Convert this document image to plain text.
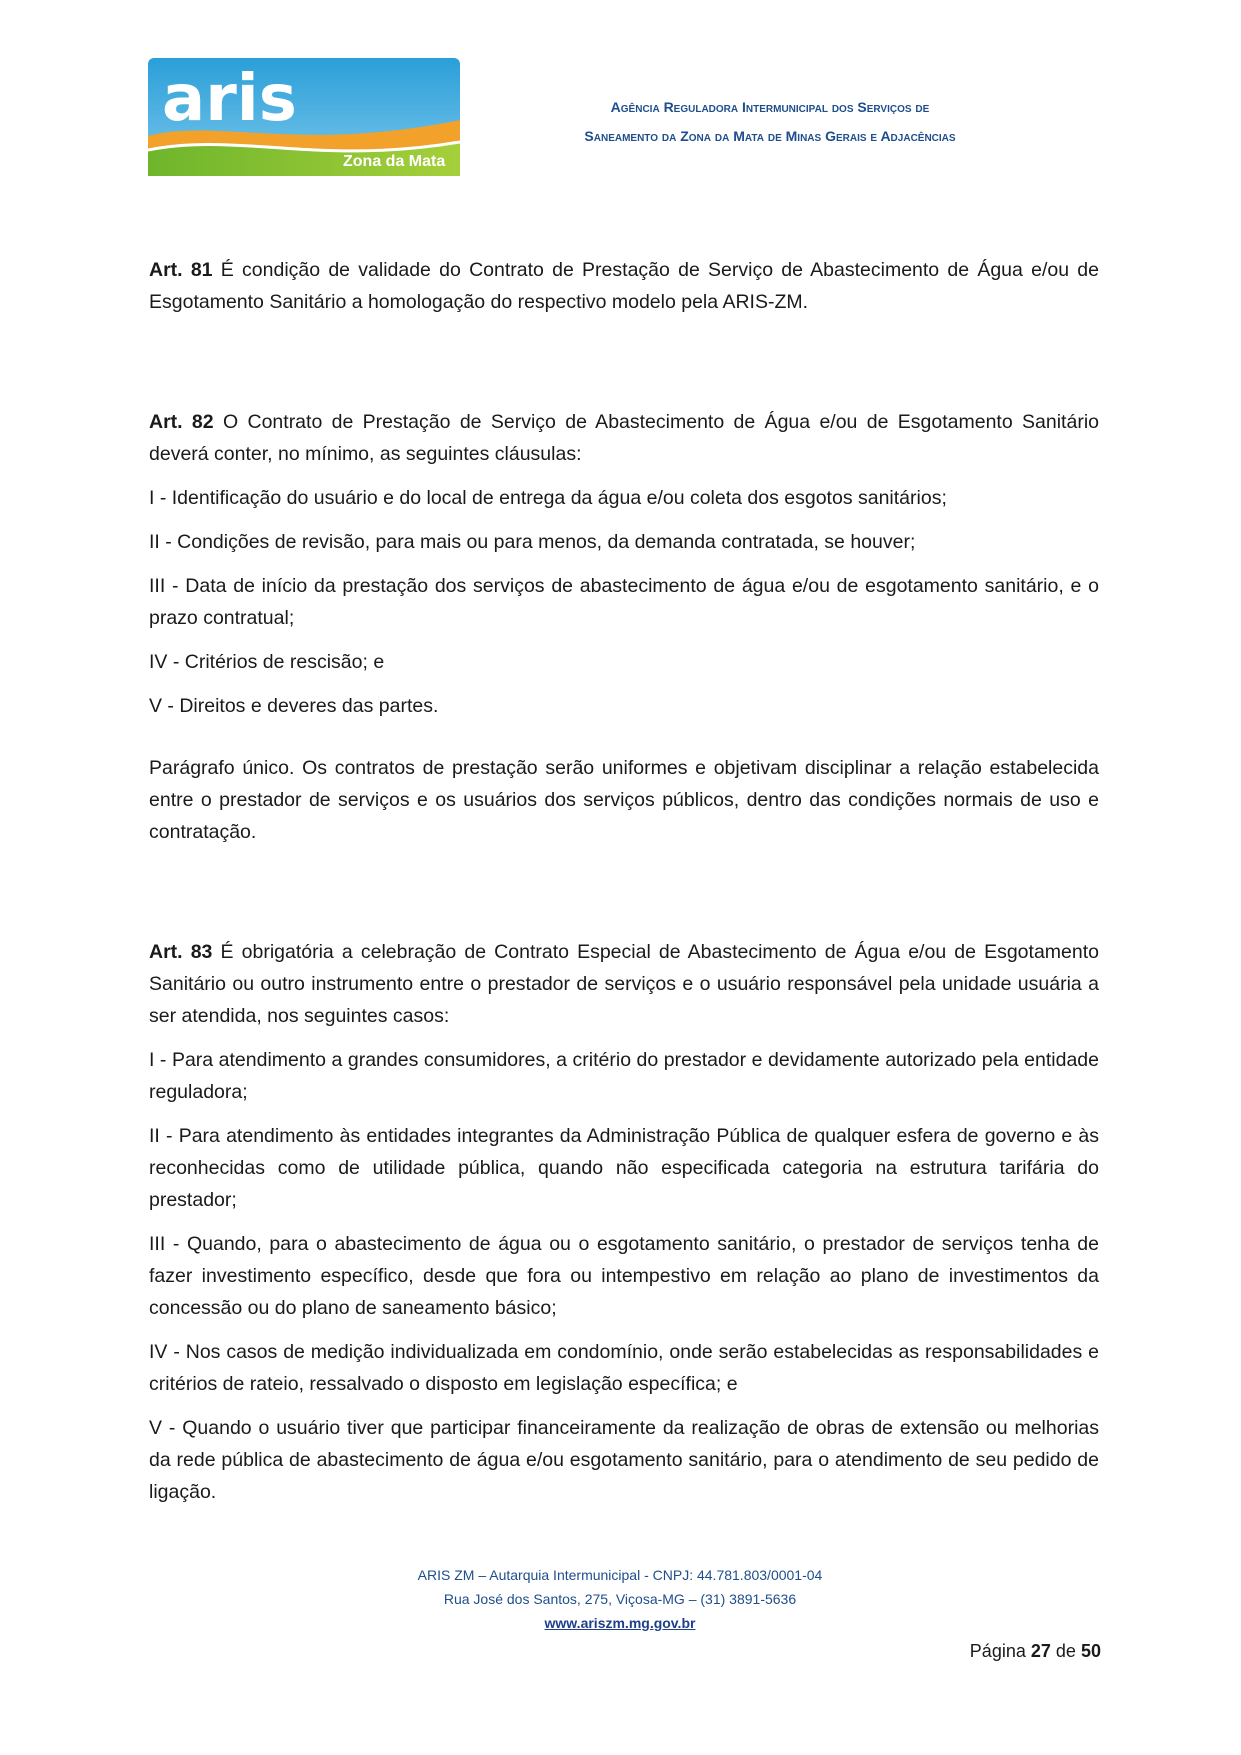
aris
Zona da Mata
Agência Reguladora Intermunicipal dos Serviços de
Saneamento da Zona da Mata de Minas Gerais e Adjacências

Art. 81 É condição de validade do Contrato de Prestação de Serviço de Abastecimento de Água e/ou de Esgotamento Sanitário a homologação do respectivo modelo pela ARIS-ZM.

Art. 82 O Contrato de Prestação de Serviço de Abastecimento de Água e/ou de Esgotamento Sanitário deverá conter, no mínimo, as seguintes cláusulas:

I - Identificação do usuário e do local de entrega da água e/ou coleta dos esgotos sanitários;

II - Condições de revisão, para mais ou para menos, da demanda contratada, se houver;

III - Data de início da prestação dos serviços de abastecimento de água e/ou de esgotamento sanitário, e o prazo contratual;

IV - Critérios de rescisão; e

V - Direitos e deveres das partes.

Parágrafo único. Os contratos de prestação serão uniformes e objetivam disciplinar a relação estabelecida entre o prestador de serviços e os usuários dos serviços públicos, dentro das condições normais de uso e contratação.

Art. 83 É obrigatória a celebração de Contrato Especial de Abastecimento de Água e/ou de Esgotamento Sanitário ou outro instrumento entre o prestador de serviços e o usuário responsável pela unidade usuária a ser atendida, nos seguintes casos:

I - Para atendimento a grandes consumidores, a critério do prestador e devidamente autorizado pela entidade reguladora;

II - Para atendimento às entidades integrantes da Administração Pública de qualquer esfera de governo e às reconhecidas como de utilidade pública, quando não especificada categoria na estrutura tarifária do prestador;

III - Quando, para o abastecimento de água ou o esgotamento sanitário, o prestador de serviços tenha de fazer investimento específico, desde que fora ou intempestivo em relação ao plano de investimentos da concessão ou do plano de saneamento básico;

IV - Nos casos de medição individualizada em condomínio, onde serão estabelecidas as responsabilidades e critérios de rateio, ressalvado o disposto em legislação específica; e

V - Quando o usuário tiver que participar financeiramente da realização de obras de extensão ou melhorias da rede pública de abastecimento de água e/ou esgotamento sanitário, para o atendimento de seu pedido de ligação.

ARIS ZM – Autarquia Intermunicipal - CNPJ: 44.781.803/0001-04
Rua José dos Santos, 275, Viçosa-MG – (31) 3891-5636
www.ariszm.mg.gov.br
Página 27 de 50
